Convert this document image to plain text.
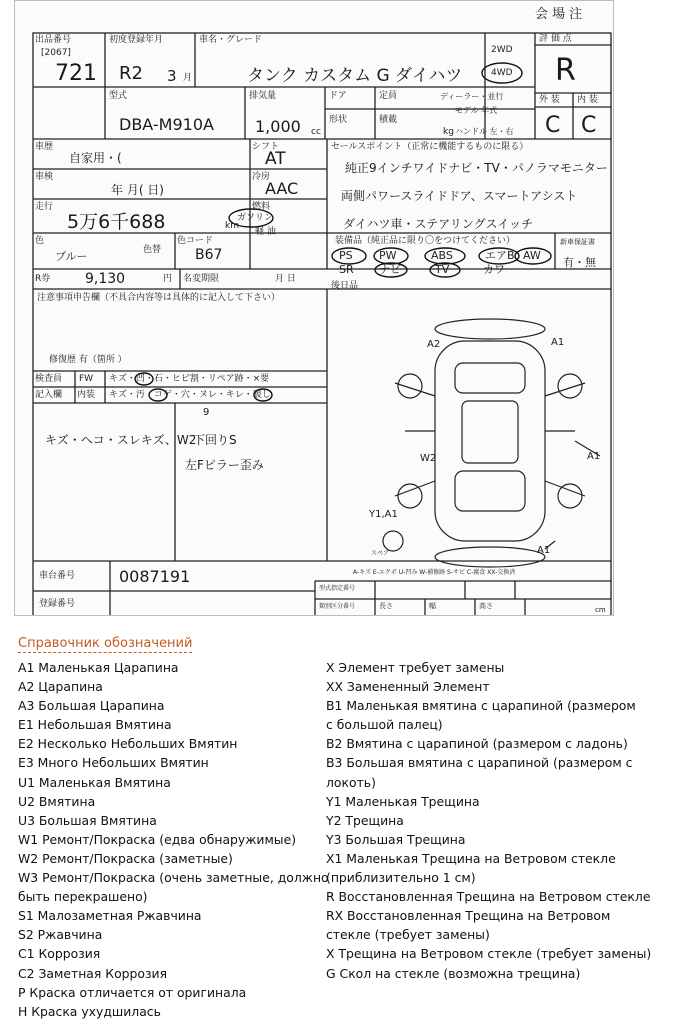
会 場 注
出品番号
[2067]
721
初度登録年月
R2 3 月
車名・グレード
タンク カスタム G ダイハツ
2WD
4WD
評 価 点
R
型式
DBA-M910A
排気量
1,000 cc
ドア	定員	ディーラー・並行
形状	積載
kg
モデル 年式
ハンドル 左・右
外 装 内 装
C C
車歴
自家用・(
シフト
AT
車検
年 月( 日)
冷房
AAC
走行
5万6千688	km
燃料
ガソリン
軽 油
色
ブルー	色替
色コード
B67
R券 9,130	円 名変期限	月 日
セールスポイント（正常に機能するものに限る）
純正9インチワイドナビ・TV・パノラマモニター
両側パワースライドドア、スマートアシスト
ダイハツ車・ステアリングスイッチ
装備品（純正品に限り〇をつけてください）	新車保証書
有・無
PS PW	ABS	エアB AW
SR ナビ	TV	カワ
後日品
注意事項申告欄（不具合内容等は具体的に記入して下さい）
修復歴 有（箇所 ）
検査員
記入欄
FW キズ・凹・石・ヒビ割・リペア跡・×要
内装 キズ・汚・コゲ・穴・ヌレ・キレ・破し
9
キズ・ヘコ・スレキズ、W2
下回りS
左Fピラー歪み
A2	A1
A1
A1
W2
Y1,A1
スペア
A-キズ E-エクボ U-凹み W-補修跡 S-サビ C-腐食 XX-交換済
車台番号	0087191
登録番号
型式指定番号
類別区分番号	長さ	幅	高さ	cm
Справочник обозначений
A1 Маленькая Царапина
A2 Царапина
A3 Большая Царапина
E1 Небольшая Вмятина
E2 Несколько Небольших Вмятин
E3 Много Небольших Вмятин
U1 Маленькая Вмятина
U2 Вмятина
U3 Большая Вмятина
W1 Ремонт/Покраска (едва обнаружимые)
W2 Ремонт/Покраска (заметные)
W3 Ремонт/Покраска (очень заметные, должно
быть перекрашено)
S1 Малозаметная Ржавчина
S2 Ржавчина
C1 Коррозия
C2 Заметная Коррозия
P Краска отличается от оригинала
H Краска ухудшилась
X Элемент требует замены
XX Замененный Элемент
B1 Маленькая вмятина с царапиной (размером
с большой палец)
B2 Вмятина с царапиной (размером с ладонь)
B3 Большая вмятина с царапиной (размером с
локоть)
Y1 Маленькая Трещина
Y2 Трещина
Y3 Большая Трещина
X1 Маленькая Трещина на Ветровом стекле
(приблизительно 1 см)
R Восстановленная Трещина на Ветровом стекле
RX Восстановленная Трещина на Ветровом
стекле (требует замены)
X Трещина на Ветровом стекле (требует замены)
G Скол на стекле (возможна трещина)
